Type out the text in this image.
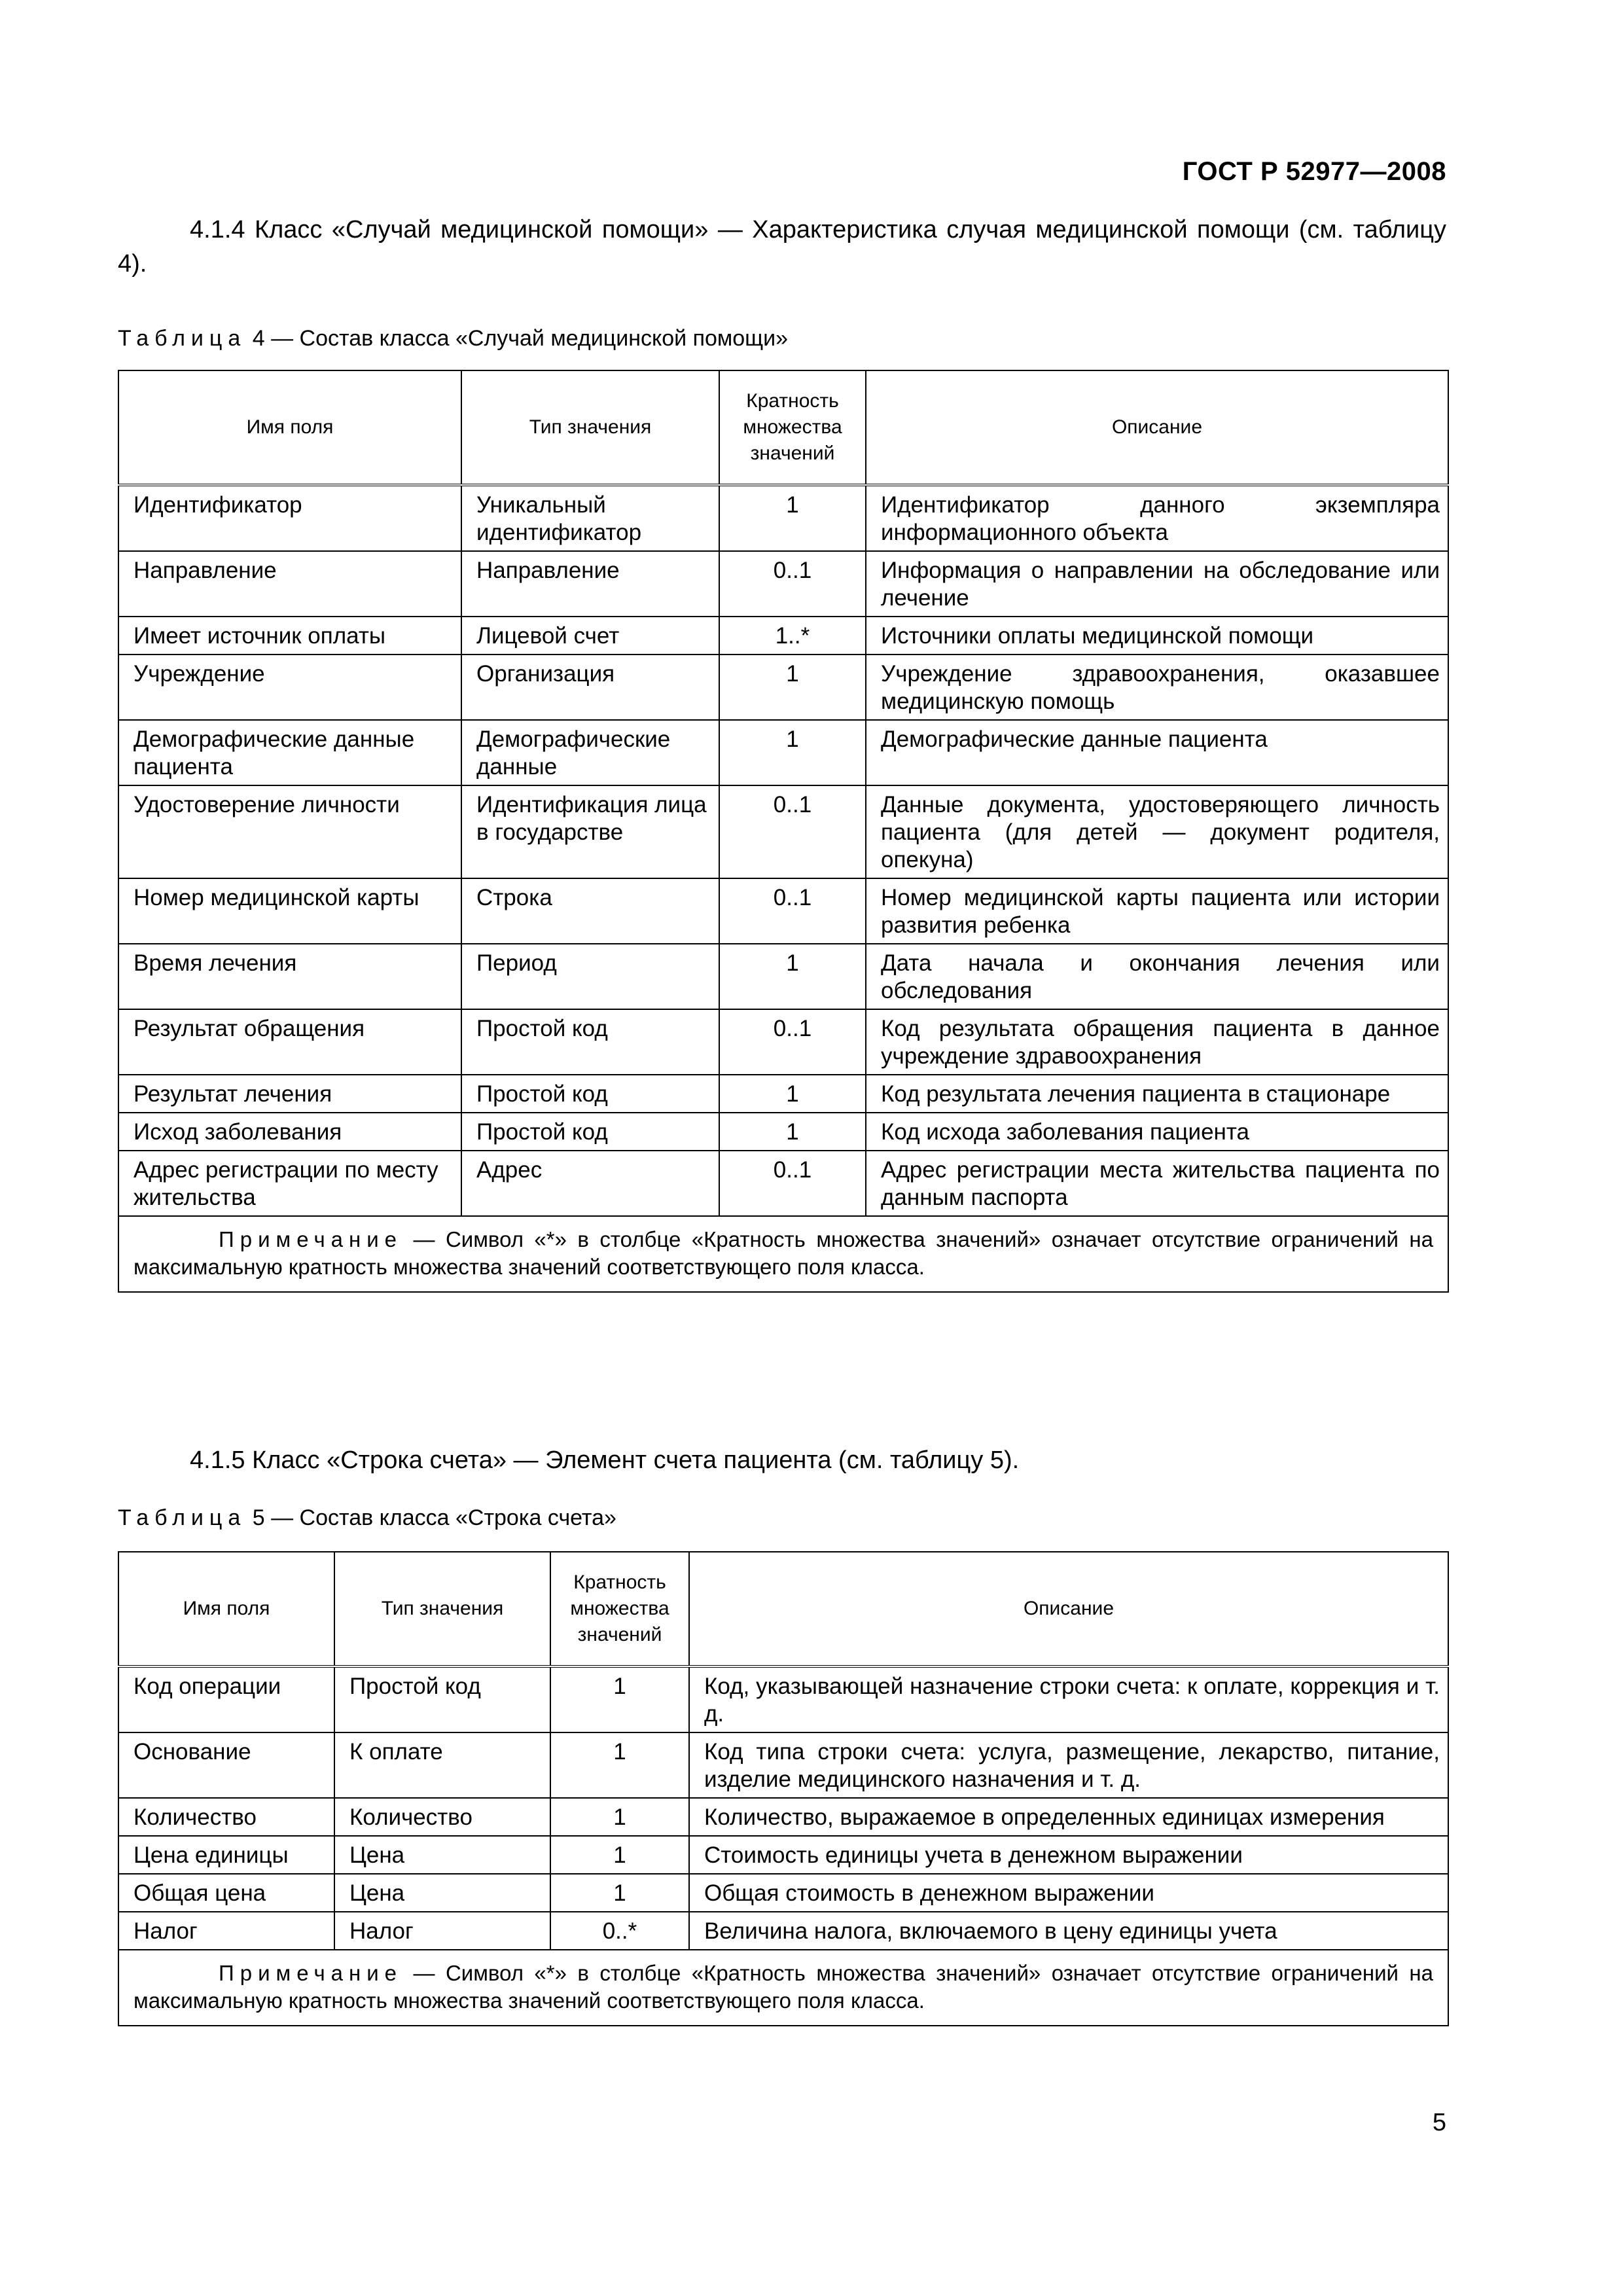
ГОСТ Р 52977—2008

4.1.4 Класс «Случай медицинской помощи» — Характеристика случая медицинской помощи (см. таблицу 4).

Таблица 4 — Состав класса «Случай медицинской помощи»
Имя поля	Тип значения	Кратность множества значений	Описание
Идентификатор	Уникальный идентификатор	1	Идентификатор данного экземпляра информационного объекта
Направление	Направление	0..1	Информация о направлении на обследование или лечение
Имеет источник оплаты	Лицевой счет	1..*	Источники оплаты медицинской помощи
Учреждение	Организация	1	Учреждение здравоохранения, оказавшее медицинскую помощь
Демографические данные пациента	Демографические данные	1	Демографические данные пациента
Удостоверение личности	Идентификация лица в государстве	0..1	Данные документа, удостоверяющего личность пациента (для детей — документ родителя, опекуна)
Номер медицинской карты	Строка	0..1	Номер медицинской карты пациента или истории развития ребенка
Время лечения	Период	1	Дата начала и окончания лечения или обследования
Результат обращения	Простой код	0..1	Код результата обращения пациента в данное учреждение здравоохранения
Результат лечения	Простой код	1	Код результата лечения пациента в стационаре
Исход заболевания	Простой код	1	Код исхода заболевания пациента
Адрес регистрации по месту жительства	Адрес	0..1	Адрес регистрации места жительства пациента по данным паспорта
Примечание — Символ «*» в столбце «Кратность множества значений» означает отсутствие ограничений на максимальную кратность множества значений соответствующего поля класса.			

4.1.5 Класс «Строка счета» — Элемент счета пациента (см. таблицу 5).

Таблица 5 — Состав класса «Строка счета»
Имя поля	Тип значения	Кратность множества значений	Описание
Код операции	Простой код	1	Код, указывающей назначение строки счета: к оплате, коррекция и т. д.
Основание	К оплате	1	Код типа строки счета: услуга, размещение, лекарство, питание, изделие медицинского назначения и т. д.
Количество	Количество	1	Количество, выражаемое в определенных единицах измерения
Цена единицы	Цена	1	Стоимость единицы учета в денежном выражении
Общая цена	Цена	1	Общая стоимость в денежном выражении
Налог	Налог	0..*	Величина налога, включаемого в цену единицы учета
Примечание — Символ «*» в столбце «Кратность множества значений» означает отсутствие ограничений на максимальную кратность множества значений соответствующего поля класса.			
5
